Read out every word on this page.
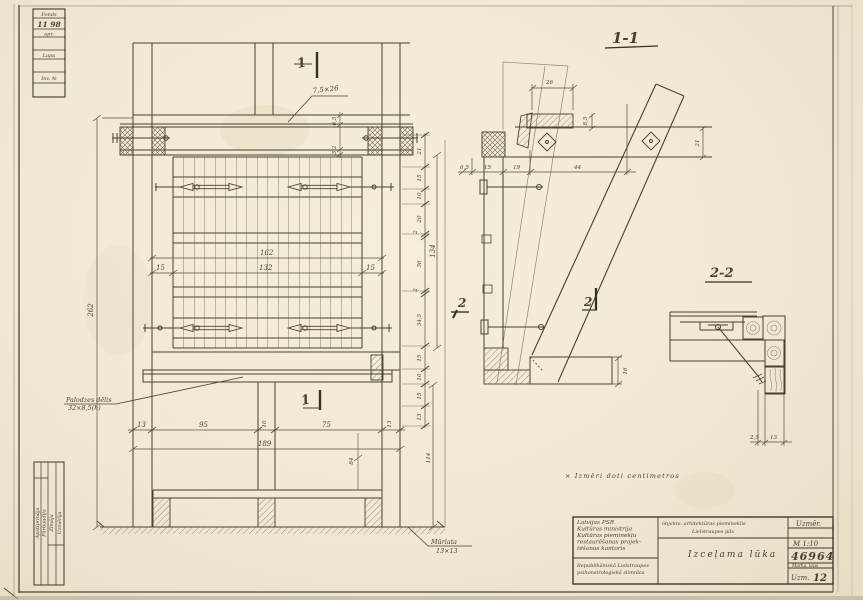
Fonds
11 98
apr.
Lapa
Inv. №
Apstiprināja Pārbaudīja Zīmēja Uzmērīja
1
1
7,5×26
6,5
3,2
262
162
15	132	15
21
15
10
20
2
36
2
34,5
15
10
15
13
134
13	95	10	75	13
189
84	114
Palodzes dēlis
32×8,5(h)
Mūrlata
13×13
1-1
26
8,5
21
6,5	15	19	44
16
2	2
2-2
2,5 13
× Izmēri doti centimetros
Latvijas PSR
Kultūras ministrija
Kultūras pieminekļu
restaurēšanas projek-
tēšanas kantoris
Republikāniskā Lielstraupes
psihoneiroloģiskā slimnīca
objekts: arhitektūras piemineklis
Lielstraupes pils
Izceļama lūka
Uzmēr.
M 1:10
46964
Marka, lapa
Uzm. 12
